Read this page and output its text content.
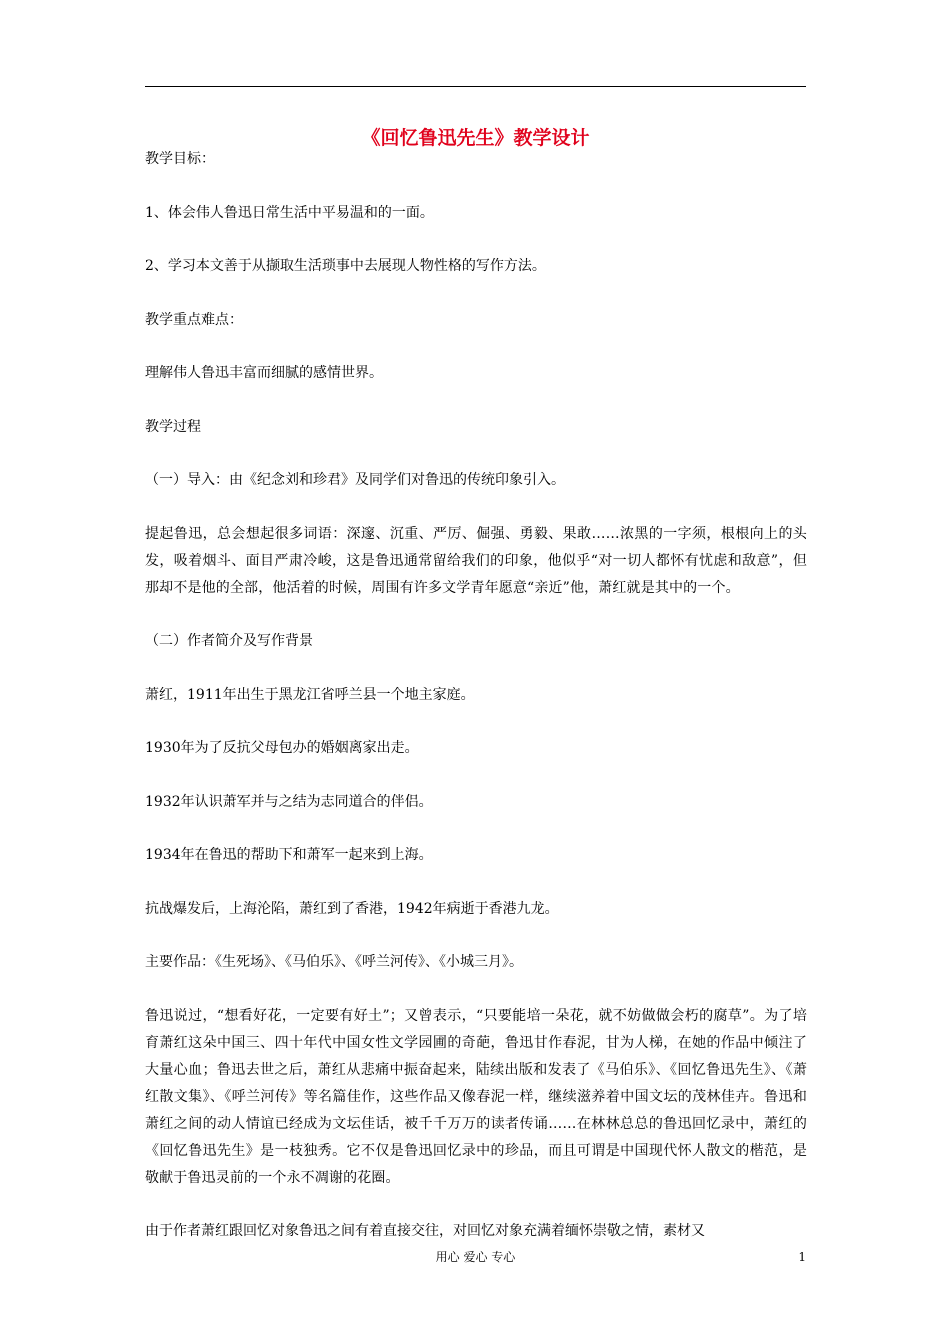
《回忆鲁迅先生》教学设计

教学目标：

1、体会伟人鲁迅日常生活中平易温和的一面。

2、学习本文善于从撷取生活琐事中去展现人物性格的写作方法。

教学重点难点：

理解伟人鲁迅丰富而细腻的感情世界。

教学过程

（一）导入：由《纪念刘和珍君》及同学们对鲁迅的传统印象引入。

提起鲁迅，总会想起很多词语：深邃、沉重、严厉、倔强、勇毅、果敢……浓黑的一字须，根根向上的头发，吸着烟斗、面目严肃冷峻，这是鲁迅通常留给我们的印象，他似乎“对一切人都怀有忧虑和敌意”，但那却不是他的全部，他活着的时候，周围有许多文学青年愿意“亲近”他，萧红就是其中的一个。

（二）作者简介及写作背景

萧红，1911年出生于黑龙江省呼兰县一个地主家庭。

1930年为了反抗父母包办的婚姻离家出走。

1932年认识萧军并与之结为志同道合的伴侣。

1934年在鲁迅的帮助下和萧军一起来到上海。

抗战爆发后，上海沦陷，萧红到了香港，1942年病逝于香港九龙。

主要作品：《生死场》、《马伯乐》、《呼兰河传》、《小城三月》。

鲁迅说过，“想看好花，一定要有好土”；又曾表示，“只要能培一朵花，就不妨做做会朽的腐草”。为了培育萧红这朵中国三、四十年代中国女性文学园圃的奇葩，鲁迅甘作春泥，甘为人梯，在她的作品中倾注了大量心血；鲁迅去世之后，萧红从悲痛中振奋起来，陆续出版和发表了《马伯乐》、《回忆鲁迅先生》、《萧红散文集》、《呼兰河传》等名篇佳作，这些作品又像春泥一样，继续滋养着中国文坛的茂林佳卉。鲁迅和萧红之间的动人情谊已经成为文坛佳话，被千千万万的读者传诵……在林林总总的鲁迅回忆录中，萧红的《回忆鲁迅先生》是一枝独秀。它不仅是鲁迅回忆录中的珍品，而且可谓是中国现代怀人散文的楷范，是敬献于鲁迅灵前的一个永不凋谢的花圈。

由于作者萧红跟回忆对象鲁迅之间有着直接交往，对回忆对象充满着缅怀崇敬之情，素材又

用心 爱心 专心	1
